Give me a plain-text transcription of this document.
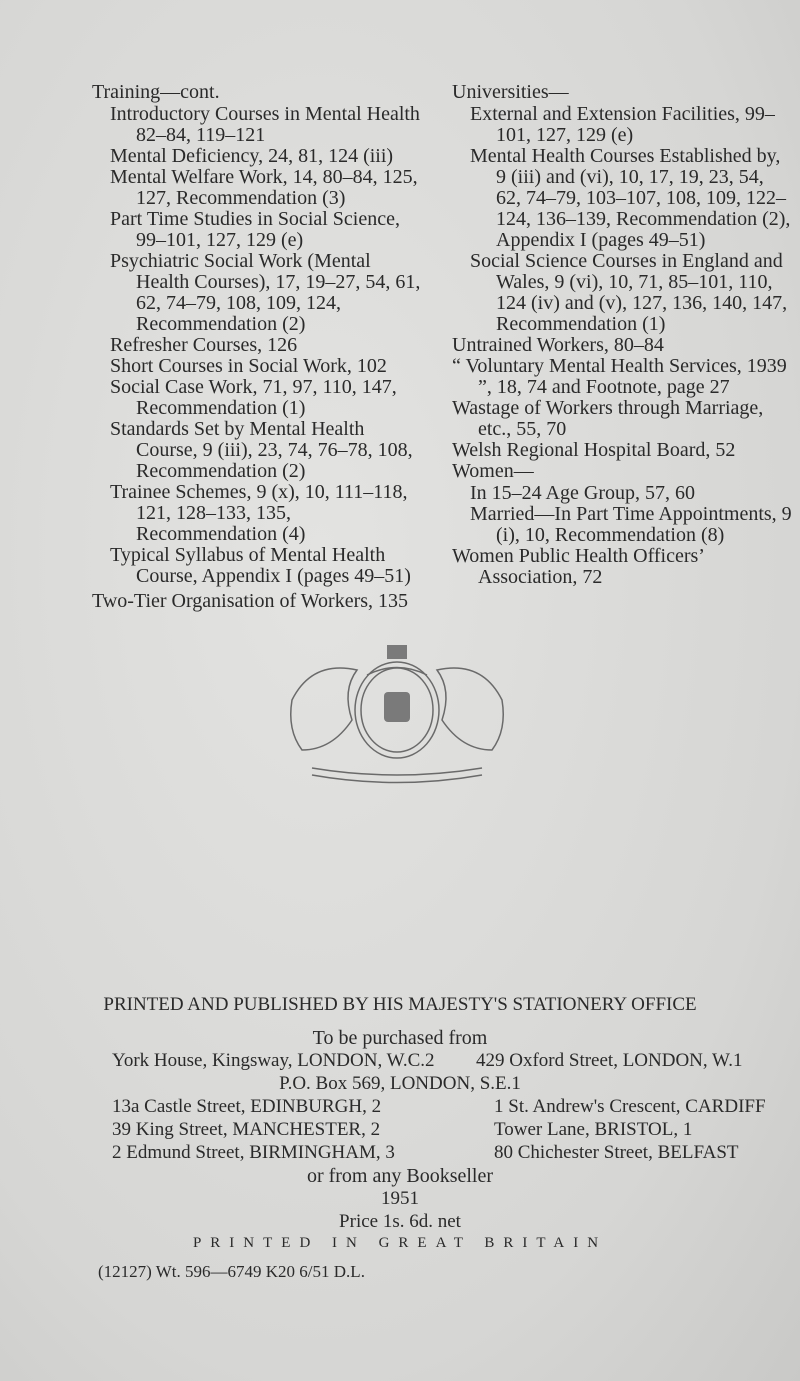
Training—cont.

Introductory Courses in Mental Health 82–84, 119–121

Mental Deficiency, 24, 81, 124 (iii)

Mental Welfare Work, 14, 80–84, 125, 127, Recommendation (3)

Part Time Studies in Social Science, 99–101, 127, 129 (e)

Psychiatric Social Work (Mental Health Courses), 17, 19–27, 54, 61, 62, 74–79, 108, 109, 124, Recommendation (2)

Refresher Courses, 126

Short Courses in Social Work, 102

Social Case Work, 71, 97, 110, 147, Recommendation (1)

Standards Set by Mental Health Course, 9 (iii), 23, 74, 76–78, 108, Recommendation (2)

Trainee Schemes, 9 (x), 10, 111–118, 121, 128–133, 135, Recommendation (4)

Typical Syllabus of Mental Health Course, Appendix I (pages 49–51)

Two-Tier Organisation of Workers, 135

Universities—

External and Extension Facilities, 99–101, 127, 129 (e)

Mental Health Courses Established by, 9 (iii) and (vi), 10, 17, 19, 23, 54, 62, 74–79, 103–107, 108, 109, 122–124, 136–139, Recommendation (2), Appendix I (pages 49–51)

Social Science Courses in England and Wales, 9 (vi), 10, 71, 85–101, 110, 124 (iv) and (v), 127, 136, 140, 147, Recommendation (1)

Untrained Workers, 80–84

“ Voluntary Mental Health Services, 1939 ”, 18, 74 and Footnote, page 27

Wastage of Workers through Marriage, etc., 55, 70

Welsh Regional Hospital Board, 52

Women—

In 15–24 Age Group, 57, 60

Married—In Part Time Appointments, 9 (i), 10, Recommendation (8)

Women Public Health Officers’ Association, 72

PRINTED AND PUBLISHED BY HIS MAJESTY'S STATIONERY OFFICE
To be purchased from
York House, Kingsway, LONDON, W.C.2 429 Oxford Street, LONDON, W.1
P.O. Box 569, LONDON, S.E.1
13a Castle Street, EDINBURGH, 2	1 St. Andrew's Crescent, CARDIFF
39 King Street, MANCHESTER, 2	Tower Lane, BRISTOL, 1
2 Edmund Street, BIRMINGHAM, 3	80 Chichester Street, BELFAST
or from any Bookseller
1951
Price 1s. 6d. net
PRINTED IN GREAT BRITAIN
(12127) Wt. 596—6749 K20 6/51 D.L.
